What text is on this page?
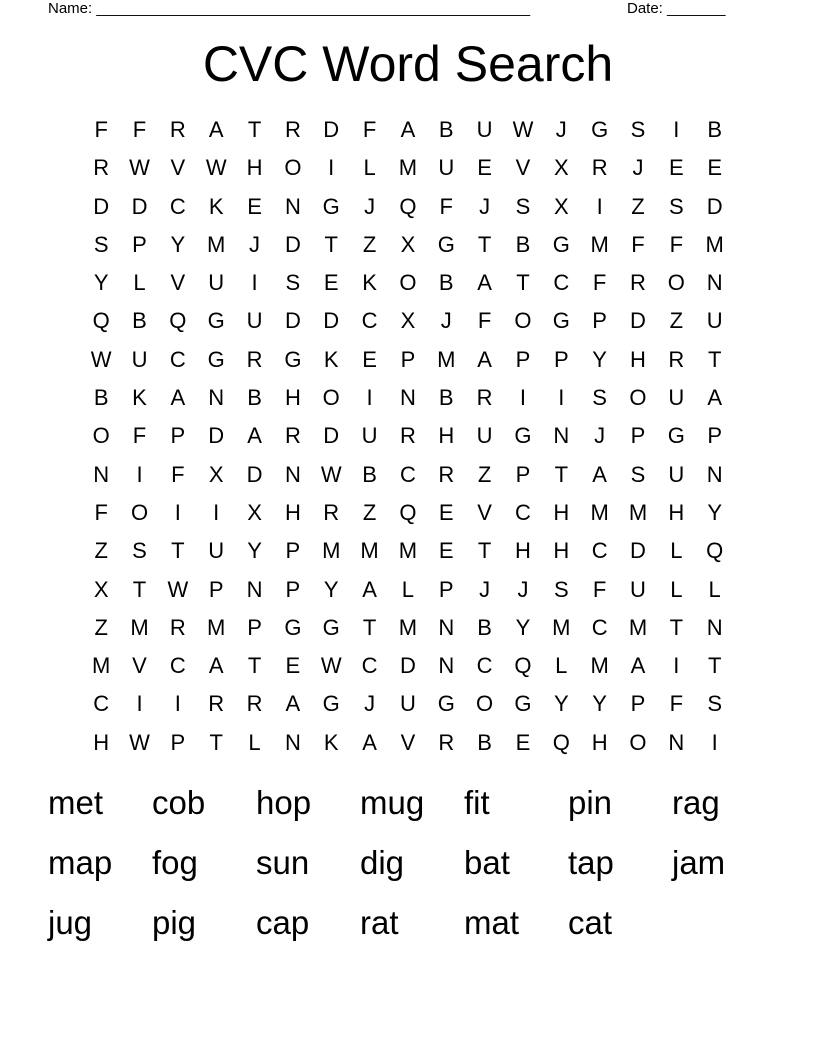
Name: ____________________________________________________

	Date: _______

CVC Word Search
F	F	R	A	T	R	D	F	A	B	U W	J	G	S	I	B
R W V W H O	I	L	M U	E	V	X	R	J	E	E
D	D	C	K	E	N G	J	Q	F	J	S	X	I	Z	S	D
S	P	Y M	J	D	T	Z	X	G	T	B	G M	F	F	M
Y	L	V	U	I	S	E	K	O	B	A	T	C	F	R O N
Q	B	Q G U	D	D	C	X	J	F	O G	P	D	Z	U
W U	C G R G	K	E	P M A	P	P	Y	H	R	T
B	K	A	N	B	H O	I	N	B	R	I	I	S	O U	A
O	F	P	D	A	R	D	U	R	H	U G N	J	P	G	P
N	I	F	X	D	N W B	C	R	Z	P	T	A	S	U	N
F	O	I	I	X	H	R	Z	Q	E	V	C	H M M H	Y
Z	S	T	U	Y	P M M M E	T	H	H	C	D	L	Q
X	T W P	N	P	Y	A	L	P	J	J	S	F	U	L	L
Z	M R M P	G G	T	M N	B	Y M C M	T	N
M V	C	A	T	E W C	D	N	C Q	L	M A	I	T
C	I	I	R	R	A	G	J	U G O G	Y	Y	P	F	S
H W P	T	L	N	K	A	V	R	B	E	Q H O N	I
met	cob	hop	mug	fit	pin	rag
map	fog	sun	dig	bat	tap	jam
jug	pig	cap	rat	mat	cat
